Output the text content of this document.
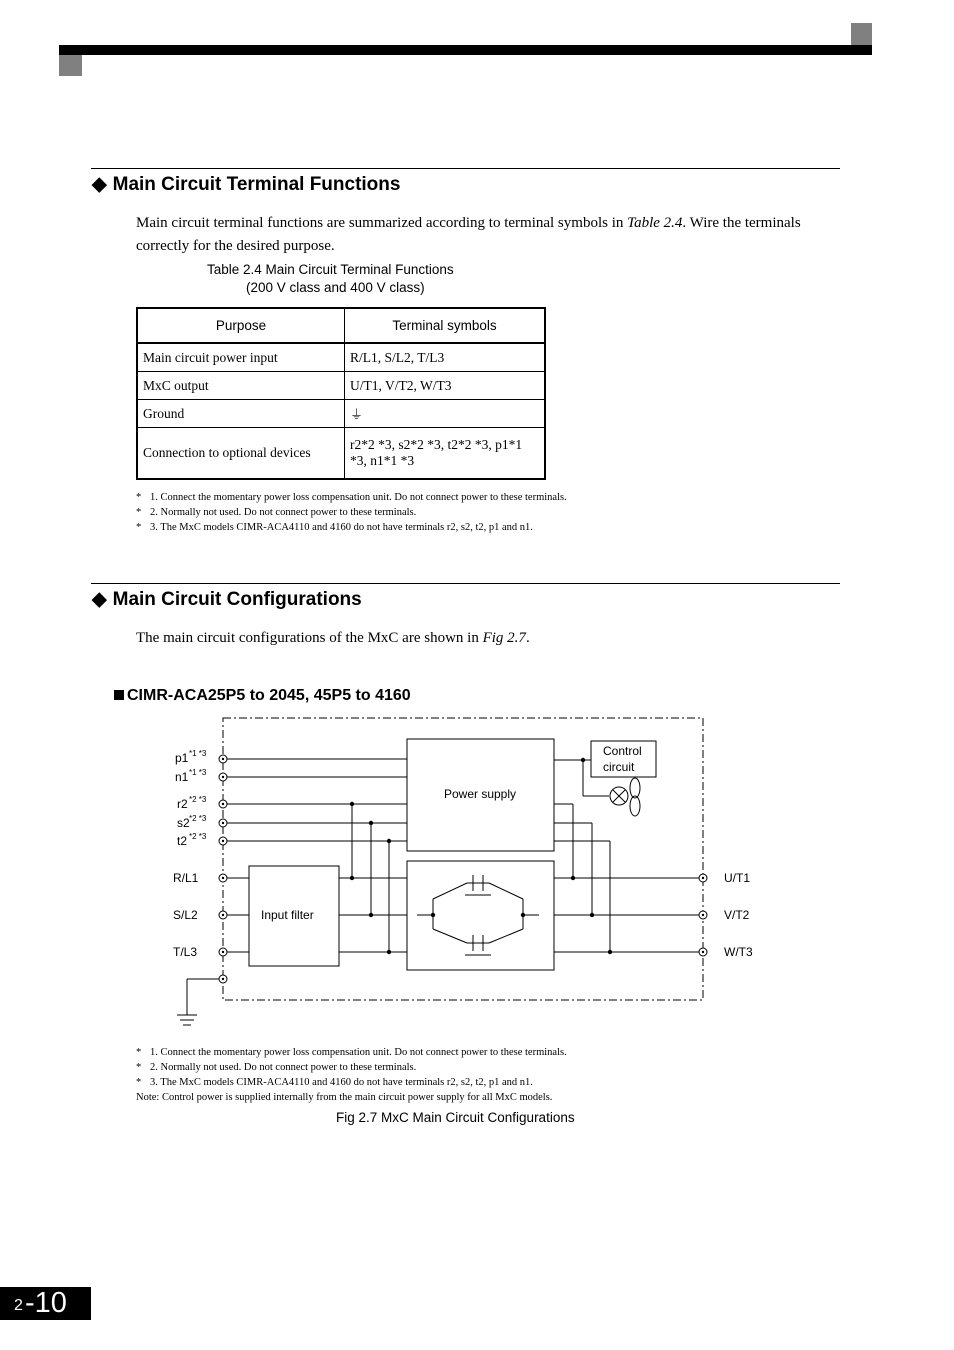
◆ Main Circuit Terminal Functions
Main circuit terminal functions are summarized according to terminal symbols in Table 2.4. Wire the terminals correctly for the desired purpose.
Table 2.4 Main Circuit Terminal Functions
(200 V class and 400 V class)
Purpose	Terminal symbols
Main circuit power input	R/L1, S/L2, T/L3
MxC output	U/T1, V/T2, W/T3
Ground	⏚
Connection to optional devices	r2*2 *3, s2*2 *3, t2*2 *3, p1*1 *3, n1*1 *3
* 1. Connect the momentary power loss compensation unit. Do not connect power to these terminals.
* 2. Normally not used. Do not connect power to these terminals.
* 3. The MxC models CIMR-ACA4110 and 4160 do not have terminals r2, s2, t2, p1 and n1.
◆ Main Circuit Configurations
The main circuit configurations of the MxC are shown in Fig 2.7.
CIMR-ACA25P5 to 2045, 45P5 to 4160
Power supply
Control
circuit
Input filter
p1 *1 *3
n1 *1 *3
r2 *2 *3
s2 *2 *3
t2 *2 *3
R/L1
S/L2
T/L3
U/T1
V/T2
W/T3
* 1. Connect the momentary power loss compensation unit. Do not connect power to these terminals.
* 2. Normally not used. Do not connect power to these terminals.
* 3. The MxC models CIMR-ACA4110 and 4160 do not have terminals r2, s2, t2, p1 and n1.
Note: Control power is supplied internally from the main circuit power supply for all MxC models.
Fig 2.7 MxC Main Circuit Configurations
2 -10
